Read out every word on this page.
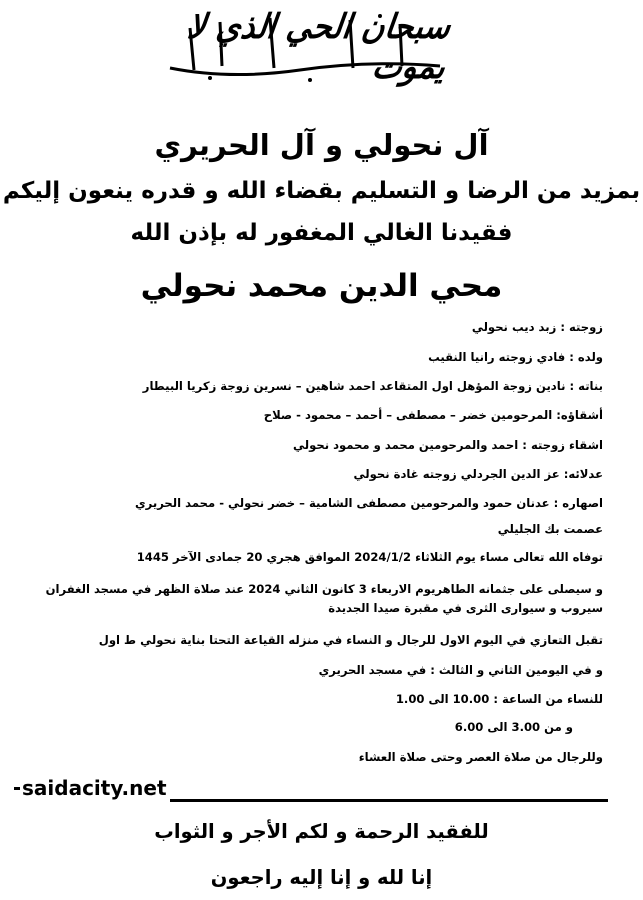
سبحان الحي الذي لا يموت
آل نحولي و آل الحريري
بمزيد من الرضا و التسليم بقضاء الله و قدره ينعون إليكم
فقيدنا الغالي المغفور له بإذن الله
محي الدين محمد نحولي
زوجته : زبد ديب نحولي
ولده : فادي زوجته رانيا النقيب
بناته : نادين زوجة المؤهل اول المتقاعد احمد شاهين – نسرين زوجة زكريا البيطار
أشقاؤه: المرحومين خضر – مصطفى – أحمد – محمود - صلاح
اشقاء زوجته : احمد والمرحومين محمد و محمود نحولي
عدلائه: عز الدين الجردلي زوجته غادة نحولي
اصهاره : عدنان حمود والمرحومين مصطفى الشامية – خضر نحولي - محمد الحريري
عصمت بك الجليلي
توفاه الله تعالى مساء يوم الثلاثاء 2024/1/2 الموافق هجري 20 جمادى الآخر 1445
و سيصلى على جثمانه الطاهريوم الاربعاء 3 كانون الثاني 2024 عند صلاة الظهر في مسجد الغفران سيروب و سيوارى الثرى في مقبرة صيدا الجديدة
تقبل التعازي في اليوم الاول للرجال و النساء في منزله القياعة التحتا بناية نحولي ط اول
و في اليومين الثاني و الثالث : في مسجد الحريري
للنساء من الساعة : 10.00 الى 1.00
و من 3.00 الى 6.00
وللرجال من صلاة العصر وحتى صلاة العشاء
saidacity.net
للفقيد الرحمة و لكم الأجر و الثواب
إنا لله و إنا إليه راجعون
